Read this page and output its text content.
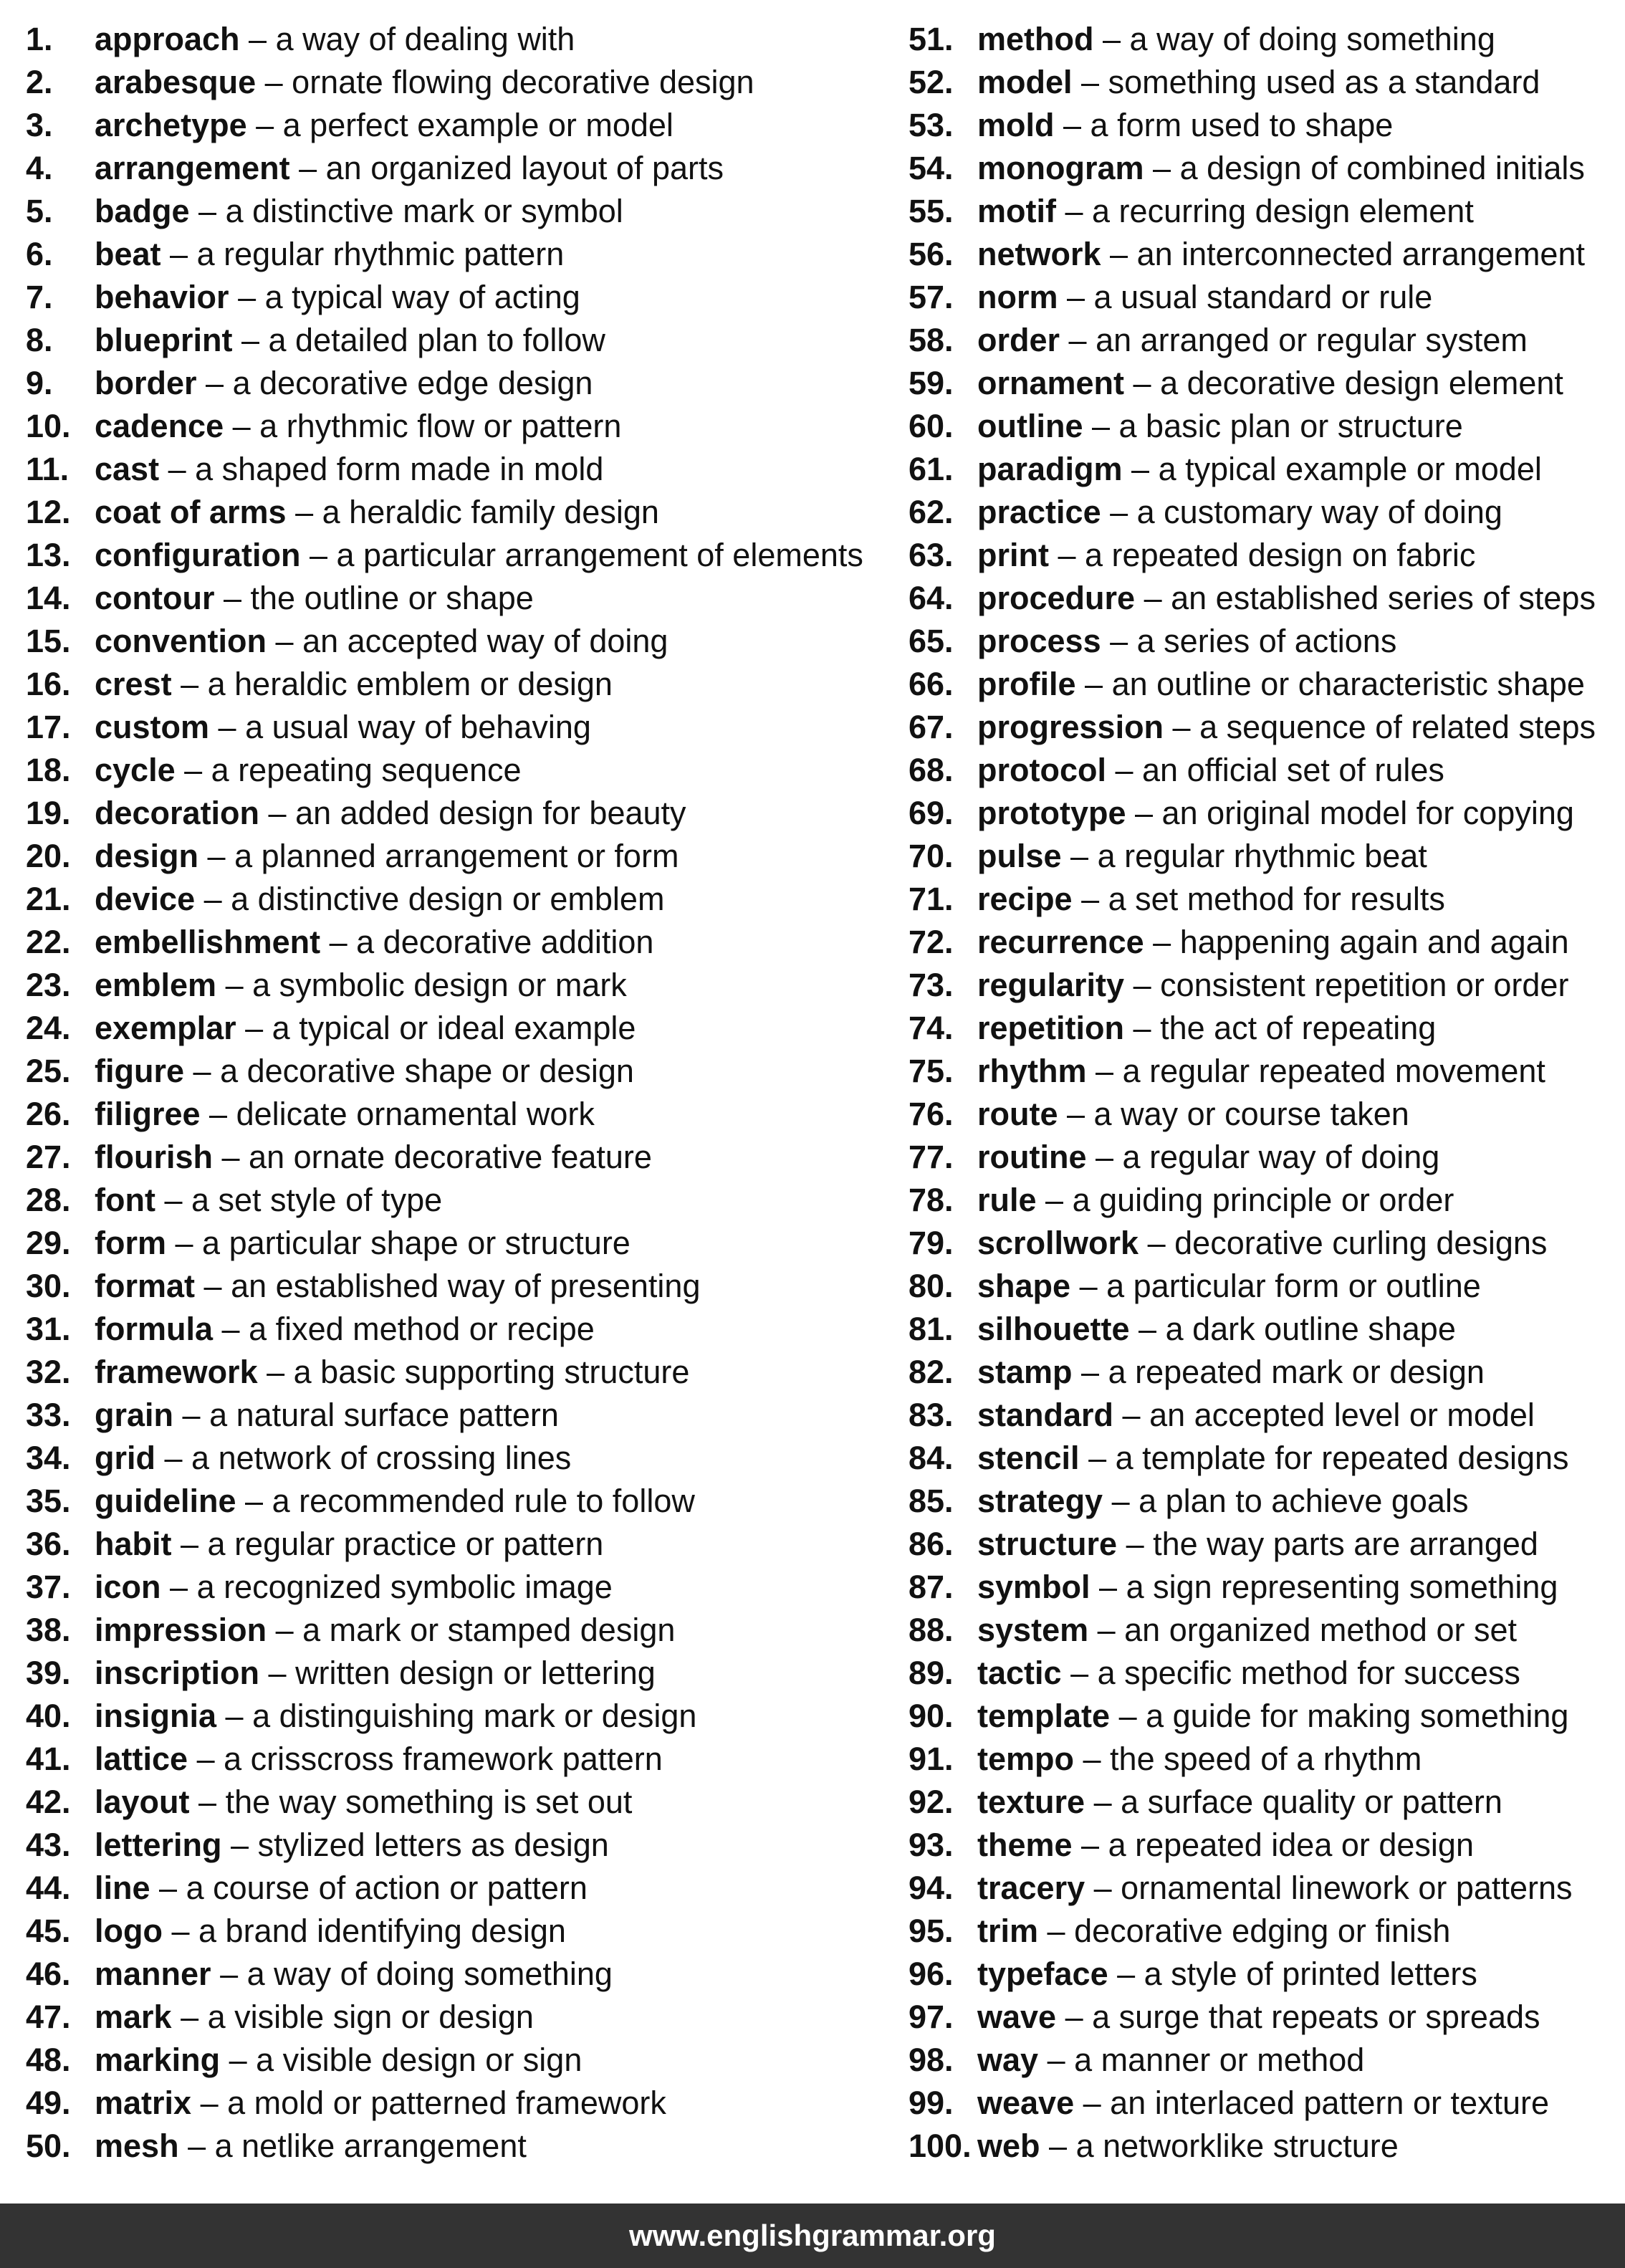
1. approach – a way of dealing with
2. arabesque – ornate flowing decorative design
3. archetype – a perfect example or model
4. arrangement – an organized layout of parts
5. badge – a distinctive mark or symbol
6. beat – a regular rhythmic pattern
7. behavior – a typical way of acting
8. blueprint – a detailed plan to follow
9. border – a decorative edge design
10. cadence – a rhythmic flow or pattern
11. cast – a shaped form made in mold
12. coat of arms – a heraldic family design
13. configuration – a particular arrangement of elements
14. contour – the outline or shape
15. convention – an accepted way of doing
16. crest – a heraldic emblem or design
17. custom – a usual way of behaving
18. cycle – a repeating sequence
19. decoration – an added design for beauty
20. design – a planned arrangement or form
21. device – a distinctive design or emblem
22. embellishment – a decorative addition
23. emblem – a symbolic design or mark
24. exemplar – a typical or ideal example
25. figure – a decorative shape or design
26. filigree – delicate ornamental work
27. flourish – an ornate decorative feature
28. font – a set style of type
29. form – a particular shape or structure
30. format – an established way of presenting
31. formula – a fixed method or recipe
32. framework – a basic supporting structure
33. grain – a natural surface pattern
34. grid – a network of crossing lines
35. guideline – a recommended rule to follow
36. habit – a regular practice or pattern
37. icon – a recognized symbolic image
38. impression – a mark or stamped design
39. inscription – written design or lettering
40. insignia – a distinguishing mark or design
41. lattice – a crisscross framework pattern
42. layout – the way something is set out
43. lettering – stylized letters as design
44. line – a course of action or pattern
45. logo – a brand identifying design
46. manner – a way of doing something
47. mark – a visible sign or design
48. marking – a visible design or sign
49. matrix – a mold or patterned framework
50. mesh – a netlike arrangement
51. method – a way of doing something
52. model – something used as a standard
53. mold – a form used to shape
54. monogram – a design of combined initials
55. motif – a recurring design element
56. network – an interconnected arrangement
57. norm – a usual standard or rule
58. order – an arranged or regular system
59. ornament – a decorative design element
60. outline – a basic plan or structure
61. paradigm – a typical example or model
62. practice – a customary way of doing
63. print – a repeated design on fabric
64. procedure – an established series of steps
65. process – a series of actions
66. profile – an outline or characteristic shape
67. progression – a sequence of related steps
68. protocol – an official set of rules
69. prototype – an original model for copying
70. pulse – a regular rhythmic beat
71. recipe – a set method for results
72. recurrence – happening again and again
73. regularity – consistent repetition or order
74. repetition – the act of repeating
75. rhythm – a regular repeated movement
76. route – a way or course taken
77. routine – a regular way of doing
78. rule – a guiding principle or order
79. scrollwork – decorative curling designs
80. shape – a particular form or outline
81. silhouette – a dark outline shape
82. stamp – a repeated mark or design
83. standard – an accepted level or model
84. stencil – a template for repeated designs
85. strategy – a plan to achieve goals
86. structure – the way parts are arranged
87. symbol – a sign representing something
88. system – an organized method or set
89. tactic – a specific method for success
90. template – a guide for making something
91. tempo – the speed of a rhythm
92. texture – a surface quality or pattern
93. theme – a repeated idea or design
94. tracery – ornamental linework or patterns
95. trim – decorative edging or finish
96. typeface – a style of printed letters
97. wave – a surge that repeats or spreads
98. way – a manner or method
99. weave – an interlaced pattern or texture
100. web – a networklike structure
www.englishgrammar.org
